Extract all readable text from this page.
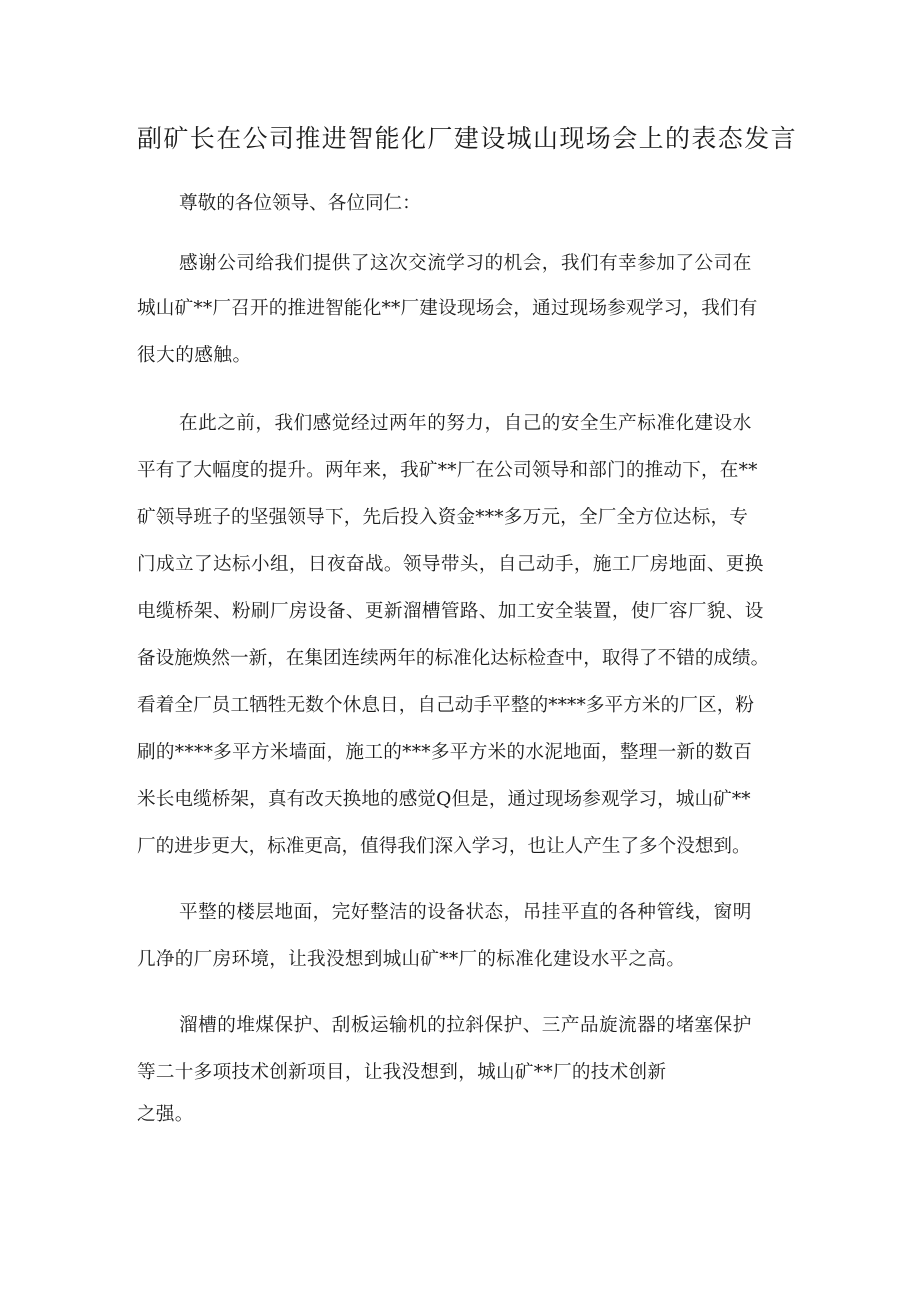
副矿长在公司推进智能化厂建设城山现场会上的表态发言

尊敬的各位领导、各位同仁：

感谢公司给我们提供了这次交流学习的机会，我们有幸参加了公司在

城山矿**厂召开的推进智能化**厂建设现场会，通过现场参观学习，我们有

很大的感触。

在此之前，我们感觉经过两年的努力，自己的安全生产标准化建设水

平有了大幅度的提升。两年来，我矿**厂在公司领导和部门的推动下，在**

矿领导班子的坚强领导下，先后投入资金***多万元，全厂全方位达标，专

门成立了达标小组，日夜奋战。领导带头，自己动手，施工厂房地面、更换

电缆桥架、粉刷厂房设备、更新溜槽管路、加工安全装置，使厂容厂貌、设

备设施焕然一新，在集团连续两年的标准化达标检查中，取得了不错的成绩。

看着全厂员工牺牲无数个休息日，自己动手平整的****多平方米的厂区，粉

刷的****多平方米墙面，施工的***多平方米的水泥地面，整理一新的数百

米长电缆桥架，真有改天换地的感觉Q但是，通过现场参观学习，城山矿**

厂的进步更大，标准更高，值得我们深入学习，也让人产生了多个没想到。

平整的楼层地面，完好整洁的设备状态，吊挂平直的各种管线，窗明

几净的厂房环境，让我没想到城山矿**厂的标准化建设水平之高。

溜槽的堆煤保护、刮板运输机的拉斜保护、三产品旋流器的堵塞保护

等二十多项技术创新项目，让我没想到，城山矿**厂的技术创新

之强。
